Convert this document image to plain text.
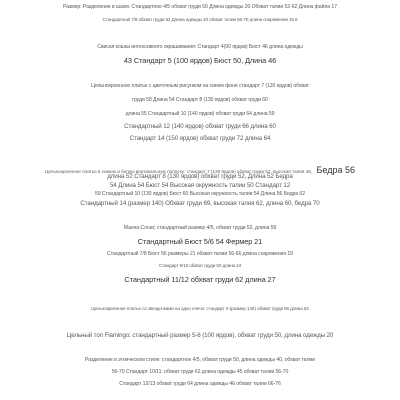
Размер: Разделение в шахм. Стандартное 4/5 обхват груди 50 Длина одежды 20 Обхват талии 52-62 Длина файла 17
Стандартный 7/8 обхват груди 62 Длина одежды 20 обхват талии 56-70 длина снаряжения 15.5
Свисая кошка интенсивного окрашивания: Стандарт 4(90 ярдов) Бюст 46 длина одежды
43 Стандарт 5 (100 ярдов) Бюст 50, Длина 46
Цельнокроенное платье с цветочным рисунком на синем фоне стандарт 7 (120 ярдов) обхват
груди 58 Длина 54 Стандарт 8 (130 ярдов) обхват груди 60
длина 55 Стандартный 10 (140 ярдов) обхват груди 64 длина 59
Стандартный 12 (140 ярдов) обхват груди 66 длина 60
Стандарт 14 (150 ярдов) обхват груди 72 длина 64
Цельнокроенное платье в синюю и белую вертикальную полоску: стандарт 7 (120 ярдов) обхват груди 52, высокая талия 46, Бедра 56
длина 52 Стандарт 8 (130 ярдов) обхват груди 52, Длина 52 Бедра
54 Длина 54 Бюст 54 Высокая окружность талии 50 Стандарт 12
59 Стандартный 10 (130 ярдов) Бюст 60 Высокая окружность талии 54 Длина 56 Бедра 62
Стандартный 14 (размер 140) Обхват груди 69, высокая талия 62, длина 60, бедра 70
Манча Слоат, стандартный размер 4/5, обхват груди 52, длина 59
Стандартный Бюст 5/6 54 Фермер 21
Стандартный 7/8 Бюст 56 размеры 21 обхват талии 56-66 длина снаряжения 19
Стандарт 9/10 обхват груди 60 длина 24
Стандартный 11/12 обхват груди 62 длина 27
Цельнокроенное платье со звездочками на одно плечо: стандарт 6 (размер 130) обхват груди 56 длина 52
Цельный топ Flamingo: стандартный размер 5-6 (100 ярдов), обхват груди 50, длина одежды 20
Разделение в этническом стиле: стандартное 4/5, обхват груди 50, длина одежды 40, обхват талии
56-70 Стандарт 10/11: обхват груди 62 длина одежды 45 обхват талии 56-70
Стандарт 12/13 обхват груди 64 длина одежды 46 обхват талии 66-76
